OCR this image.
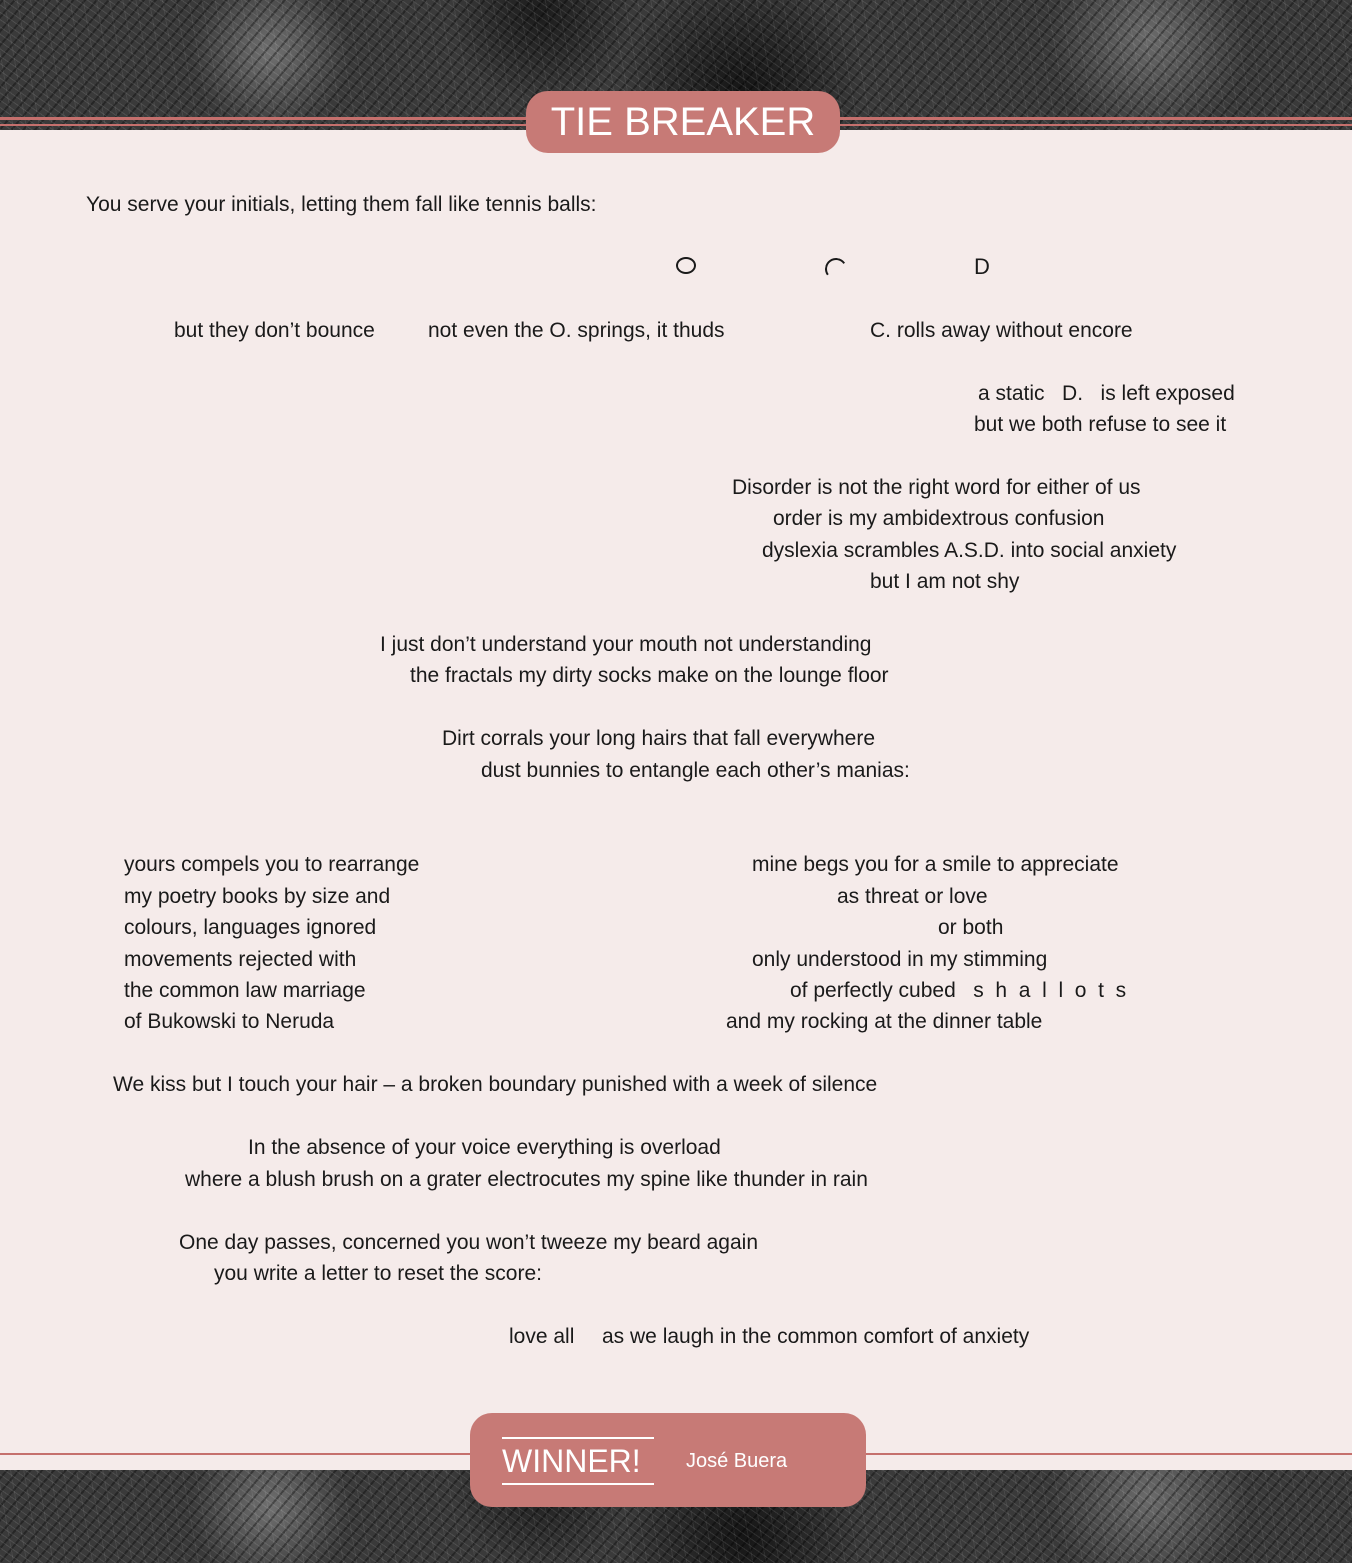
TIE BREAKER
You serve your initials, letting them fall like tennis balls:
D
but they don’t bounce	not even the O. springs, it thuds	C. rolls away without encore
a static   D.   is left exposed
but we both refuse to see it
Disorder is not the right word for either of us
order is my ambidextrous confusion
dyslexia scrambles A.S.D. into social anxiety
but I am not shy
I just don’t understand your mouth not understanding
the fractals my dirty socks make on the lounge floor
Dirt corrals your long hairs that fall everywhere
dust bunnies to entangle each other’s manias:
yours compels you to rearrange
my poetry books by size and
colours, languages ignored
movements rejected with
the common law marriage
of Bukowski to Neruda
mine begs you for a smile to appreciate
as threat or love
or both
only understood in my stimming
of perfectly cubed   s  h  a  l  l  o  t  s
and my rocking at the dinner table
We kiss but I touch your hair – a broken boundary punished with a week of silence
In the absence of your voice everything is overload
where a blush brush on a grater electrocutes my spine like thunder in rain
One day passes, concerned you won’t tweeze my beard again
you write a letter to reset the score:
love all as we laugh in the common comfort of anxiety
WINNER!	José Buera
